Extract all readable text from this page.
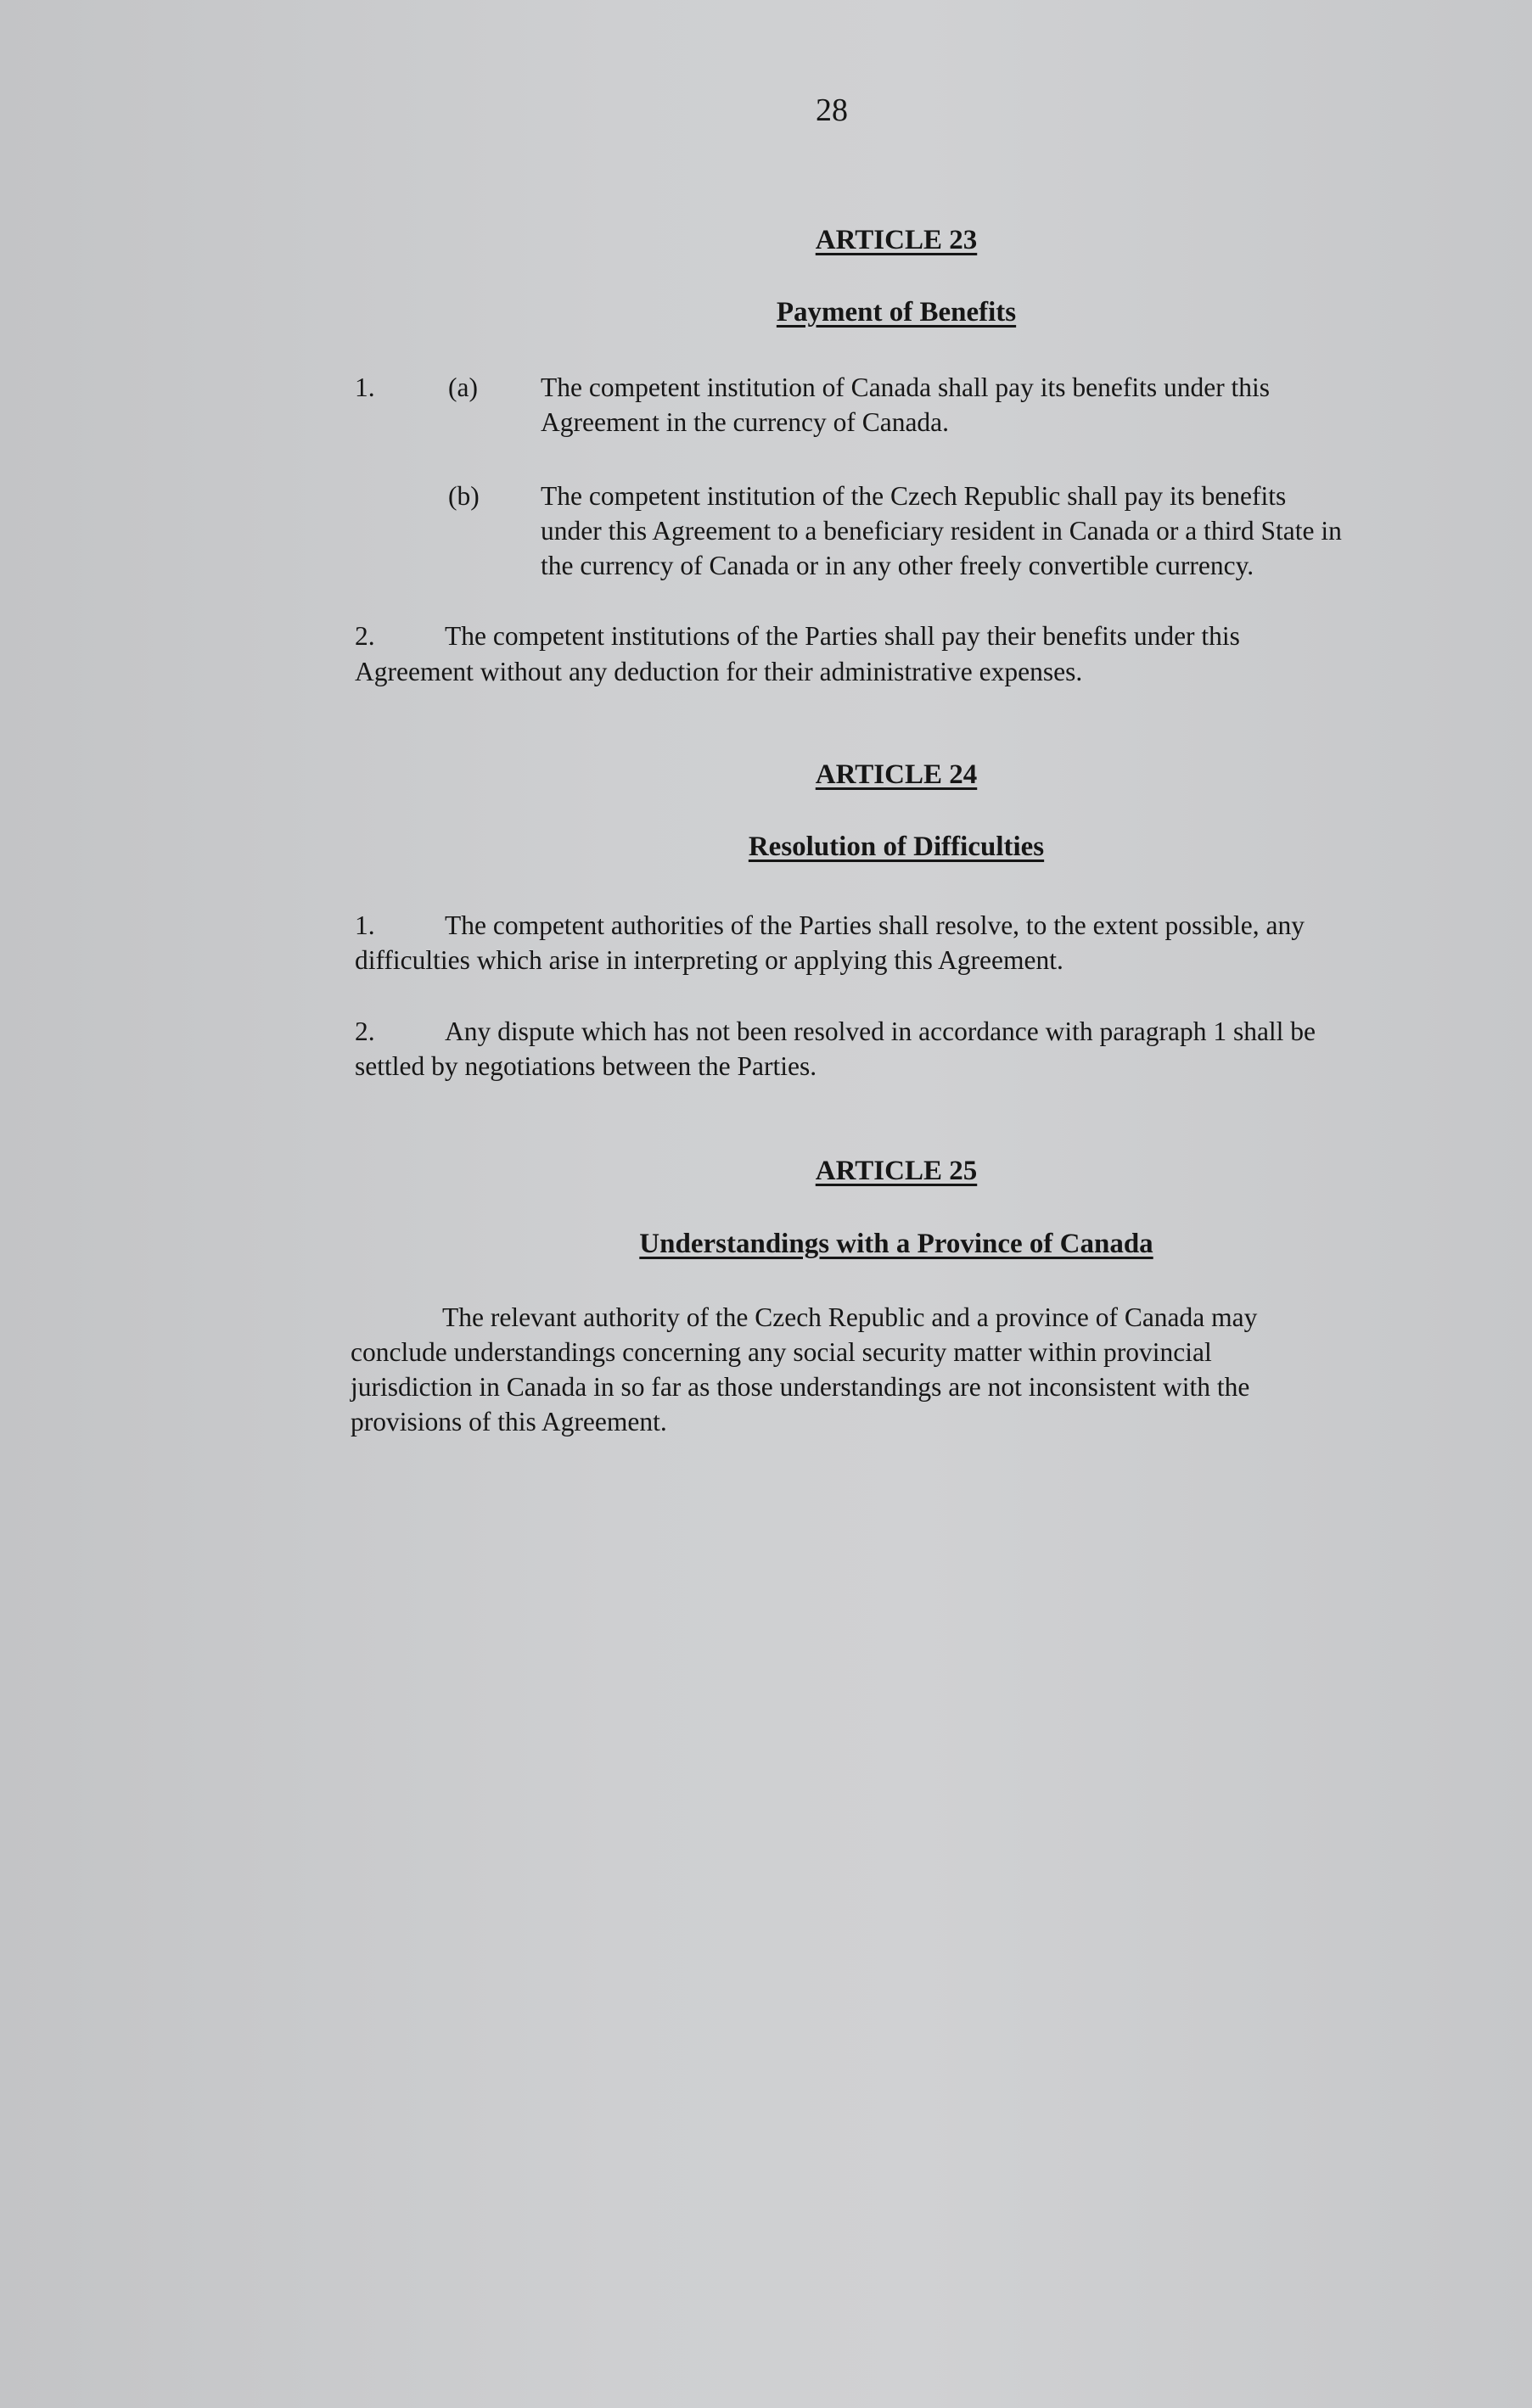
28
ARTICLE 23
Payment of Benefits
1.	(a) The competent institution of Canada shall pay its benefits under this
Agreement in the currency of Canada.
(b) The competent institution of the Czech Republic shall pay its benefits
under this Agreement to a beneficiary resident in Canada or a third State in
the currency of Canada or in any other freely convertible currency.
2.	The competent institutions of the Parties shall pay their benefits under this
Agreement without any deduction for their administrative expenses.
ARTICLE 24
Resolution of Difficulties
1.	The competent authorities of the Parties shall resolve, to the extent possible, any
difficulties which arise in interpreting or applying this Agreement.
2.	Any dispute which has not been resolved in accordance with paragraph 1 shall be
settled by negotiations between the Parties.
ARTICLE 25
Understandings with a Province of Canada
The relevant authority of the Czech Republic and a province of Canada may
conclude understandings concerning any social security matter within provincial
jurisdiction in Canada in so far as those understandings are not inconsistent with the
provisions of this Agreement.
